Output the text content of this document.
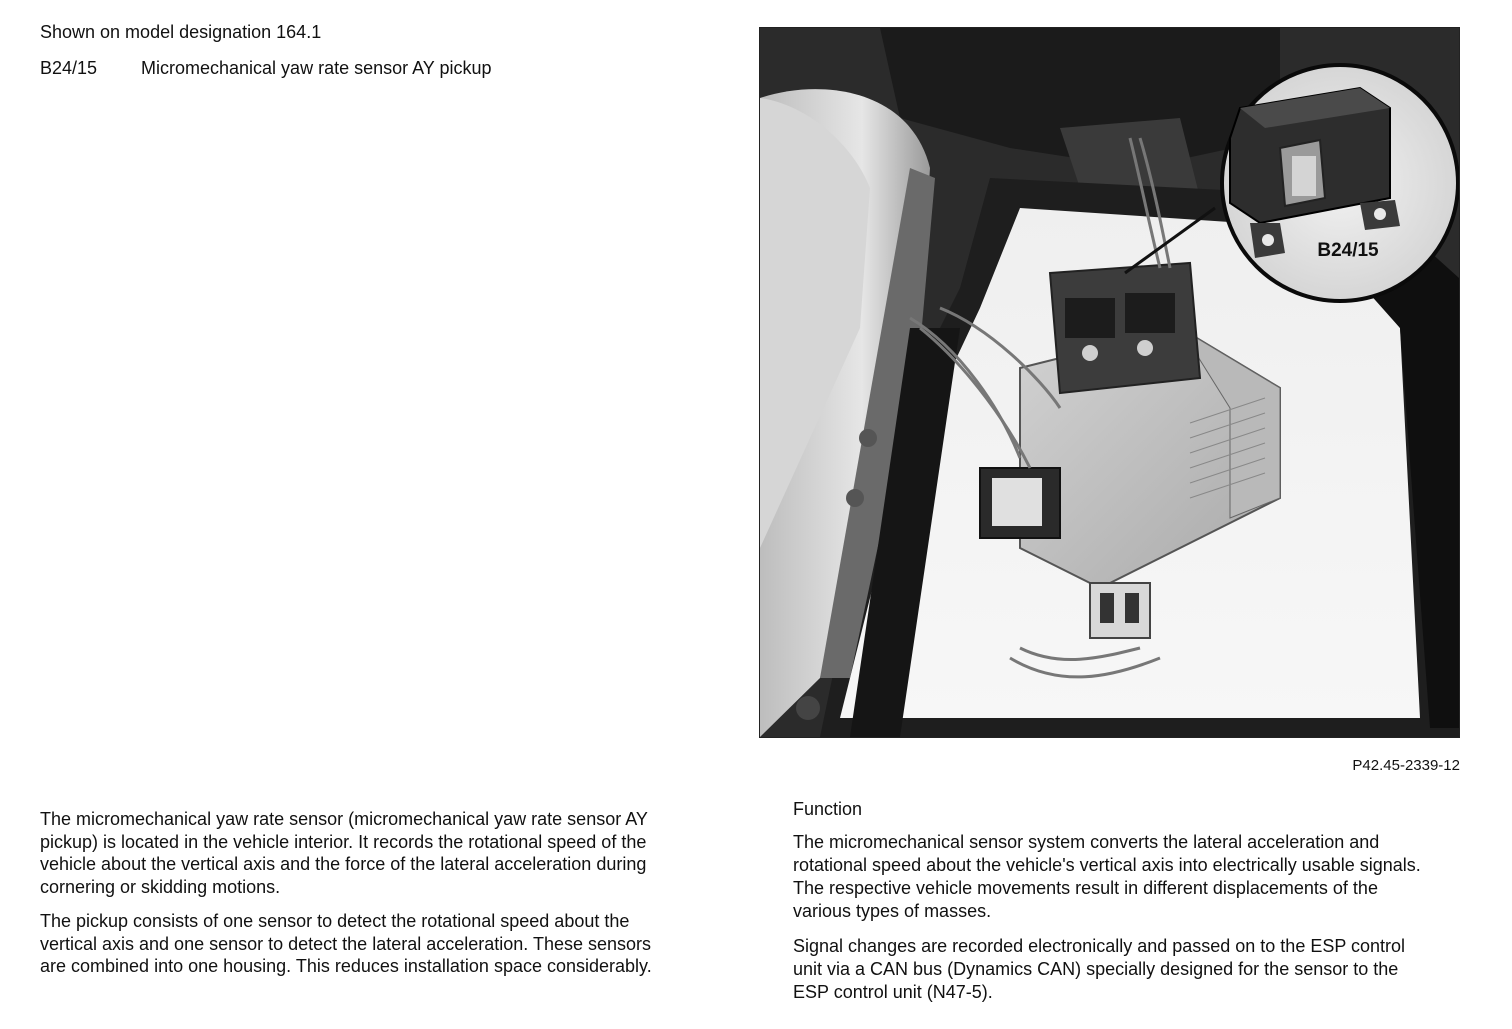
Shown on model designation 164.1
B24/15 Micromechanical yaw rate sensor AY pickup
B24/15
P42.45-2339-12

The micromechanical yaw rate sensor (micromechanical yaw rate sensor AY pickup) is located in the vehicle interior. It records the rotational speed of the vehicle about the vertical axis and the force of the lateral acceleration during cornering or skidding motions.

The pickup consists of one sensor to detect the rotational speed about the vertical axis and one sensor to detect the lateral acceleration. These sensors are combined into one housing. This reduces installation space considerably.

Function

The micromechanical sensor system converts the lateral acceleration and rotational speed about the vehicle's vertical axis into electrically usable signals. The respective vehicle movements result in different displacements of the various types of masses.

Signal changes are recorded electronically and passed on to the ESP control unit via a CAN bus (Dynamics CAN) specially designed for the sensor to the ESP control unit (N47-5).
